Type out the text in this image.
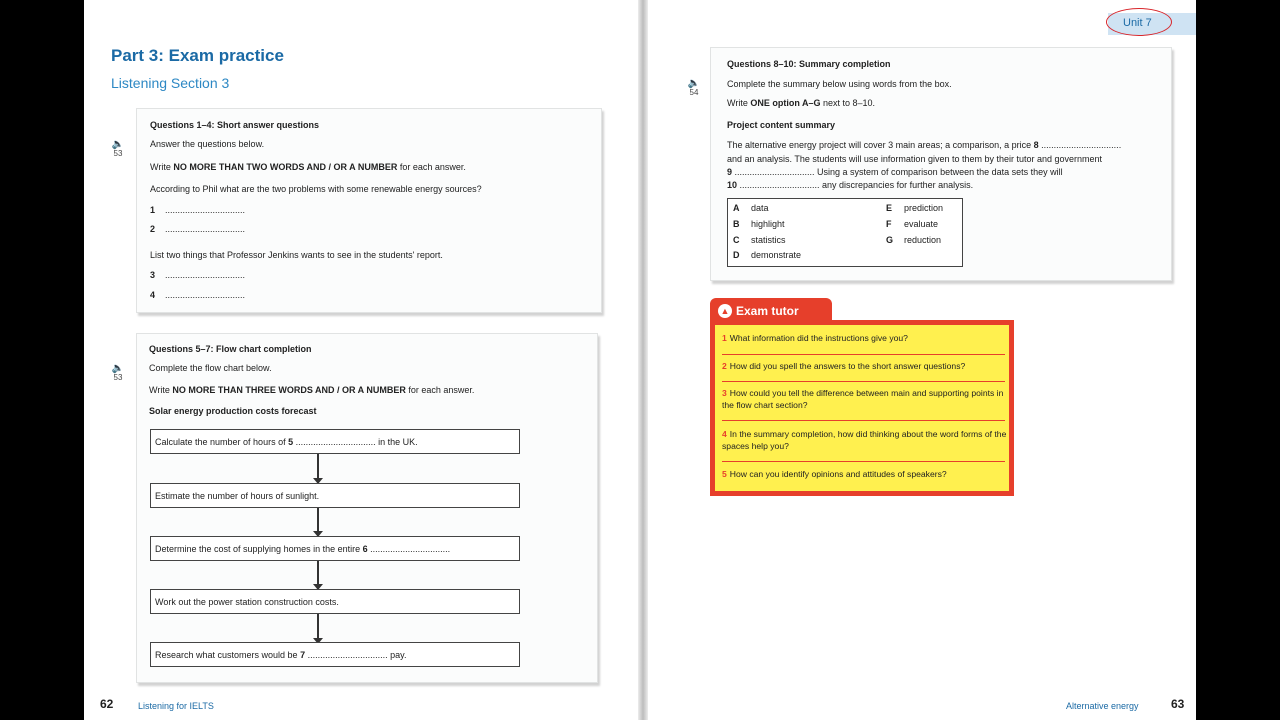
Part 3: Exam practice
Listening Section 3
🔈
53
Questions 1–4: Short answer questions
Answer the questions below.
Write NO MORE THAN TWO WORDS AND / OR A NUMBER for each answer.
According to Phil what are the two problems with some renewable energy sources?
1 ................................
2 ................................
List two things that Professor Jenkins wants to see in the students' report.
3 ................................
4 ................................
🔈
53
Questions 5–7: Flow chart completion
Complete the flow chart below.
Write NO MORE THAN THREE WORDS AND / OR A NUMBER for each answer.
Solar energy production costs forecast
Calculate the number of hours of 5 ................................ in the UK.
Estimate the number of hours of sunlight.
Determine the cost of supplying homes in the entire 6 ................................
Work out the power station construction costs.
Research what customers would be 7 ................................ pay.
62	Listening for IELTS
Unit 7
🔈
54
Questions 8–10: Summary completion
Complete the summary below using words from the box.
Write ONE option A–G next to 8–10.
Project content summary
The alternative energy project will cover 3 main areas; a comparison, a price 8 ................................
and an analysis. The students will use information given to them by their tutor and government
9 ................................ Using a system of comparison between the data sets they will
10 ................................ any discrepancies for further analysis.
A data
B highlight
C statistics
D demonstrate
E prediction
F evaluate
G reduction
▲ Exam tutor
1 What information did the instructions give you?
2 How did you spell the answers to the short answer questions?
3 How could you tell the difference between main and supporting points in the flow chart section?
4 In the summary completion, how did thinking about the word forms of the spaces help you?
5 How can you identify opinions and attitudes of speakers?
Alternative energy	63
